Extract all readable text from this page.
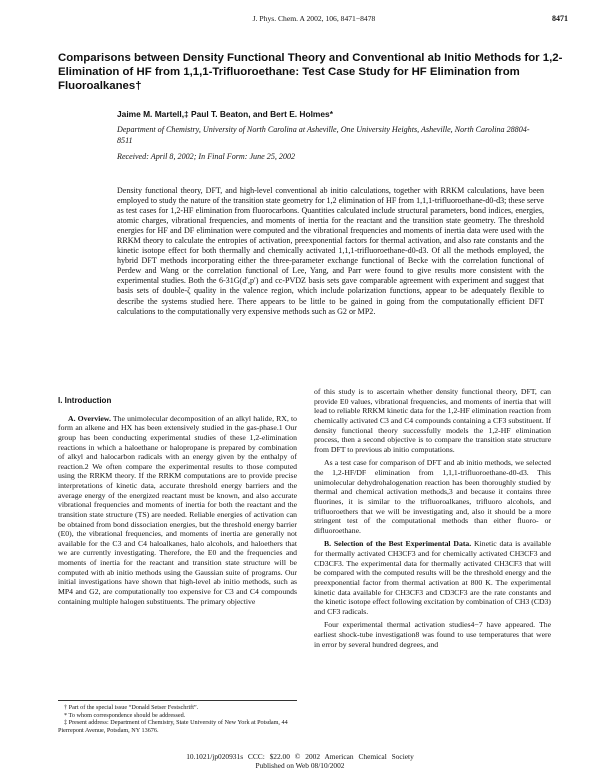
J. Phys. Chem. A 2002, 106, 8471−8478	8471
Comparisons between Density Functional Theory and Conventional ab Initio Methods for 1,2-Elimination of HF from 1,1,1-Trifluoroethane: Test Case Study for HF Elimination from Fluoroalkanes†
Jaime M. Martell,‡ Paul T. Beaton, and Bert E. Holmes*
Department of Chemistry, University of North Carolina at Asheville, One University Heights, Asheville, North Carolina 28804-8511
Received: April 8, 2002; In Final Form: June 25, 2002

Density functional theory, DFT, and high-level conventional ab initio calculations, together with RRKM calculations, have been employed to study the nature of the transition state geometry for 1,2 elimination of HF from 1,1,1-trifluoroethane-d0-d3; these serve as test cases for 1,2-HF elimination from fluorocarbons. Quantities calculated include structural parameters, bond indices, energies, atomic charges, vibrational frequencies, and moments of inertia for the reactant and the transition state geometry. The threshold energies for HF and DF elimination were computed and the vibrational frequencies and moments of inertia data were used with the RRKM theory to calculate the entropies of activation, preexponential factors for thermal activation, and also rate constants and the kinetic isotope effect for both thermally and chemically activated 1,1,1-trifluoroethane-d0-d3. Of all the methods employed, the hybrid DFT methods incorporating either the three-parameter exchange functional of Becke with the correlation functional of Perdew and Wang or the correlation functional of Lee, Yang, and Parr were found to give results more consistent with the experimental studies. Both the 6-31G(d′,p′) and cc-PVDZ basis sets gave comparable agreement with experiment and suggest that basis sets of double-ζ quality in the valence region, which include polarization functions, appear to be adequately flexible to describe the systems studied here. There appears to be little to be gained in going from the computationally efficient DFT calculations to the computationally very expensive methods such as G2 or MP2.

I. Introduction

A. Overview. The unimolecular decomposition of an alkyl halide, RX, to form an alkene and HX has been extensively studied in the gas-phase.1 Our group has been conducting experimental studies of these 1,2-elimination reactions in which a haloethane or halopropane is prepared by combination of alkyl and halocarbon radicals with an energy given by the enthalpy of reaction.2 We often compare the experimental results to those computed using the RRKM theory. If the RRKM computations are to provide precise interpretations of kinetic data, accurate threshold energy barriers and the average energy of the energized reactant must be known, and also accurate vibrational frequencies and moments of inertia for both the reactant and the transition state structure (TS) are needed. Reliable energies of activation can be obtained from bond dissociation energies, but the threshold energy barrier (E0), the vibrational frequencies, and moments of inertia are generally not available for the C3 and C4 haloalkanes, halo alcohols, and haloethers that we are currently investigating. Therefore, the E0 and the frequencies and moments of inertia for the reactant and transition state structure will be computed with ab initio methods using the Gaussian suite of programs. Our initial investigations have shown that high-level ab initio methods, such as MP4 and G2, are computationally too expensive for C3 and C4 compounds containing multiple halogen substituents. The primary objective

of this study is to ascertain whether density functional theory, DFT, can provide E0 values, vibrational frequencies, and moments of inertia that will lead to reliable RRKM kinetic data for the 1,2-HF elimination reaction from chemically activated C3 and C4 compounds containing a CF3 substituent. If density functional theory successfully models the 1,2-HF elimination process, then a second objective is to compare the transition state structure from DFT to previous ab initio computations.

As a test case for comparison of DFT and ab initio methods, we selected the 1,2-HF/DF elimination from 1,1,1-trifluoroethane-d0-d3. This unimolecular dehydrohalogenation reaction has been thoroughly studied by thermal and chemical activation methods,3 and because it contains three fluorines, it is similar to the trifluoroalkanes, trifluoro alcohols, and trifluoroethers that we will be investigating and, also it should be a more stringent test of the computational methods than either fluoro- or difluoroethane.

B. Selection of the Best Experimental Data. Kinetic data is available for thermally activated CH3CF3 and for chemically activated CH3CF3 and CD3CF3. The experimental data for thermally activated CH3CF3 that will be compared with the computed results will be the threshold energy and the preexponential factor from thermal activation at 800 K. The experimental kinetic data available for CH3CF3 and CD3CF3 are the rate constants and the kinetic isotope effect following excitation by combination of CH3 (CD3) and CF3 radicals.

Four experimental thermal activation studies4−7 have appeared. The earliest shock-tube investigation8 was found to use temperatures that were in error by several hundred degrees, and

† Part of the special issue “Donald Setser Festschrift”.
* To whom correspondence should be addressed.
‡ Present address: Department of Chemistry, State University of New York at Potsdam, 44 Pierrepont Avenue, Potsdam, NY 13676.
10.1021/jp020931s CCC: $22.00 © 2002 American Chemical Society
Published on Web 08/10/2002
